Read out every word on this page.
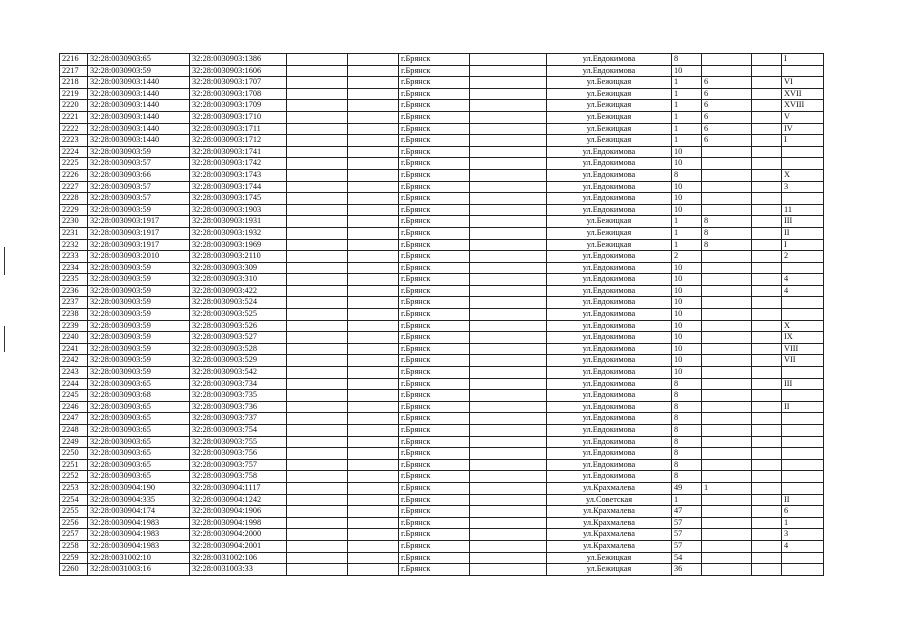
2216	32:28:0030903:65	32:28:0030903:1386			г.Брянск		ул.Евдокимова	8			I
2217	32:28:0030903:59	32:28:0030903:1606			г.Брянск		ул.Евдокимова	10			
2218	32:28:0030903:1440	32:28:0030903:1707			г.Брянск		ул.Бежицкая	1	6		VI
2219	32:28:0030903:1440	32:28:0030903:1708			г.Брянск		ул.Бежицкая	1	6		XVII
2220	32:28:0030903:1440	32:28:0030903:1709			г.Брянск		ул.Бежицкая	1	6		XVIII
2221	32:28:0030903:1440	32:28:0030903:1710			г.Брянск		ул.Бежицкая	1	6		V
2222	32:28:0030903:1440	32:28:0030903:1711			г.Брянск		ул.Бежицкая	1	6		IV
2223	32:28:0030903:1440	32:28:0030903:1712			г.Брянск		ул.Бежицкая	1	6		I
2224	32:28:0030903:59	32:28:0030903:1741			г.Брянск		ул.Евдокимова	10			
2225	32:28:0030903:57	32:28:0030903:1742			г.Брянск		ул.Евдокимова	10			
2226	32:28:0030903:66	32:28:0030903:1743			г.Брянск		ул.Евдокимова	8			X
2227	32:28:0030903:57	32:28:0030903:1744			г.Брянск		ул.Евдокимова	10			3
2228	32:28:0030903:57	32:28:0030903:1745			г.Брянск		ул.Евдокимова	10			
2229	32:28:0030903:59	32:28:0030903:1903			г.Брянск		ул.Евдокимова	10			11
2230	32:28:0030903:1917	32:28:0030903:1931			г.Брянск		ул.Бежицкая	1	8		III
2231	32:28:0030903:1917	32:28:0030903:1932			г.Брянск		ул.Бежицкая	1	8		II
2232	32:28:0030903:1917	32:28:0030903:1969			г.Брянск		ул.Бежицкая	1	8		I
2233	32:28:0030903:2010	32:28:0030903:2110			г.Брянск		ул.Евдокимова	2			2
2234	32:28:0030903:59	32:28:0030903:309			г.Брянск		ул.Евдокимова	10			
2235	32:28:0030903:59	32:28:0030903:310			г.Брянск		ул.Евдокимова	10			4
2236	32:28:0030903:59	32:28:0030903:422			г.Брянск		ул.Евдокимова	10			4
2237	32:28:0030903:59	32:28:0030903:524			г.Брянск		ул.Евдокимова	10			
2238	32:28:0030903:59	32:28:0030903:525			г.Брянск		ул.Евдокимова	10			
2239	32:28:0030903:59	32:28:0030903:526			г.Брянск		ул.Евдокимова	10			X
2240	32:28:0030903:59	32:28:0030903:527			г.Брянск		ул.Евдокимова	10			IX
2241	32:28:0030903:59	32:28:0030903:528			г.Брянск		ул.Евдокимова	10			VIII
2242	32:28:0030903:59	32:28:0030903:529			г.Брянск		ул.Евдокимова	10			VII
2243	32:28:0030903:59	32:28:0030903:542			г.Брянск		ул.Евдокимова	10			
2244	32:28:0030903:65	32:28:0030903:734			г.Брянск		ул.Евдокимова	8			III
2245	32:28:0030903:68	32:28:0030903:735			г.Брянск		ул.Евдокимова	8			
2246	32:28:0030903:65	32:28:0030903:736			г.Брянск		ул.Евдокимова	8			II
2247	32:28:0030903:65	32:28:0030903:737			г.Брянск		ул.Евдокимова	8			
2248	32:28:0030903:65	32:28:0030903:754			г.Брянск		ул.Евдокимова	8			
2249	32:28:0030903:65	32:28:0030903:755			г.Брянск		ул.Евдокимова	8			
2250	32:28:0030903:65	32:28:0030903:756			г.Брянск		ул.Евдокимова	8			
2251	32:28:0030903:65	32:28:0030903:757			г.Брянск		ул.Евдокимова	8			
2252	32:28:0030903:65	32:28:0030903:758			г.Брянск		ул.Евдокимова	8			
2253	32:28:0030904:190	32:28:0030904:1117			г.Брянск		ул.Крахмалева	49	1		
2254	32:28:0030904:335	32:28:0030904:1242			г.Брянск		ул.Советская	1			II
2255	32:28:0030904:174	32:28:0030904:1906			г.Брянск		ул.Крахмалева	47			6
2256	32:28:0030904:1983	32:28:0030904:1998			г.Брянск		ул.Крахмалева	57			1
2257	32:28:0030904:1983	32:28:0030904:2000			г.Брянск		ул.Крахмалева	57			3
2258	32:28:0030904:1983	32:28:0030904:2001			г.Брянск		ул.Крахмалева	57			4
2259	32:28:0031002:10	32:28:0031002:106			г.Брянск		ул.Бежицкая	54			
2260	32:28:0031003:16	32:28:0031003:33			г.Брянск		ул.Бежицкая	36			
